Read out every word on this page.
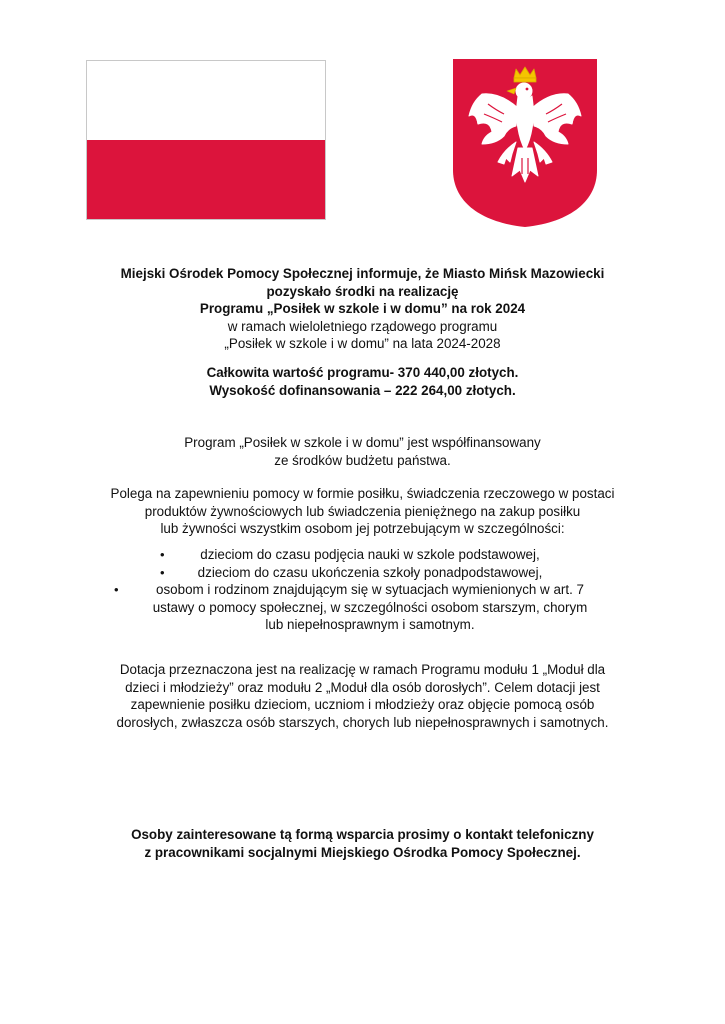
Miejski Ośrodek Pomocy Społecznej informuje, że Miasto Mińsk Mazowiecki
pozyskało środki na realizację
Programu „Posiłek w szkole i w domu” na rok 2024
w ramach wieloletniego rządowego programu
„Posiłek w szkole i w domu” na lata 2024-2028
Całkowita wartość programu- 370 440,00 złotych.
Wysokość dofinansowania – 222 264,00 złotych.
Program „Posiłek w szkole i w domu” jest współfinansowany
ze środków budżetu państwa.
Polega na zapewnieniu pomocy w formie posiłku, świadczenia rzeczowego w postaci
produktów żywnościowych lub świadczenia pieniężnego na zakup posiłku
lub żywności wszystkim osobom jej potrzebującym w szczególności:
•	dzieciom do czasu podjęcia nauki w szkole podstawowej,
•	dzieciom do czasu ukończenia szkoły ponadpodstawowej,
•	osobom i rodzinom znajdującym się w sytuacjach wymienionych w art. 7
ustawy o pomocy społecznej, w szczególności osobom starszym, chorym
lub niepełnosprawnym i samotnym.
Dotacja przeznaczona jest na realizację w ramach Programu modułu 1 „Moduł dla
dzieci i młodzieży” oraz modułu 2 „Moduł dla osób dorosłych”. Celem dotacji jest
zapewnienie posiłku dzieciom, uczniom i młodzieży oraz objęcie pomocą osób
dorosłych, zwłaszcza osób starszych, chorych lub niepełnosprawnych i samotnych.
Osoby zainteresowane tą formą wsparcia prosimy o kontakt telefoniczny
z pracownikami socjalnymi Miejskiego Ośrodka Pomocy Społecznej.
